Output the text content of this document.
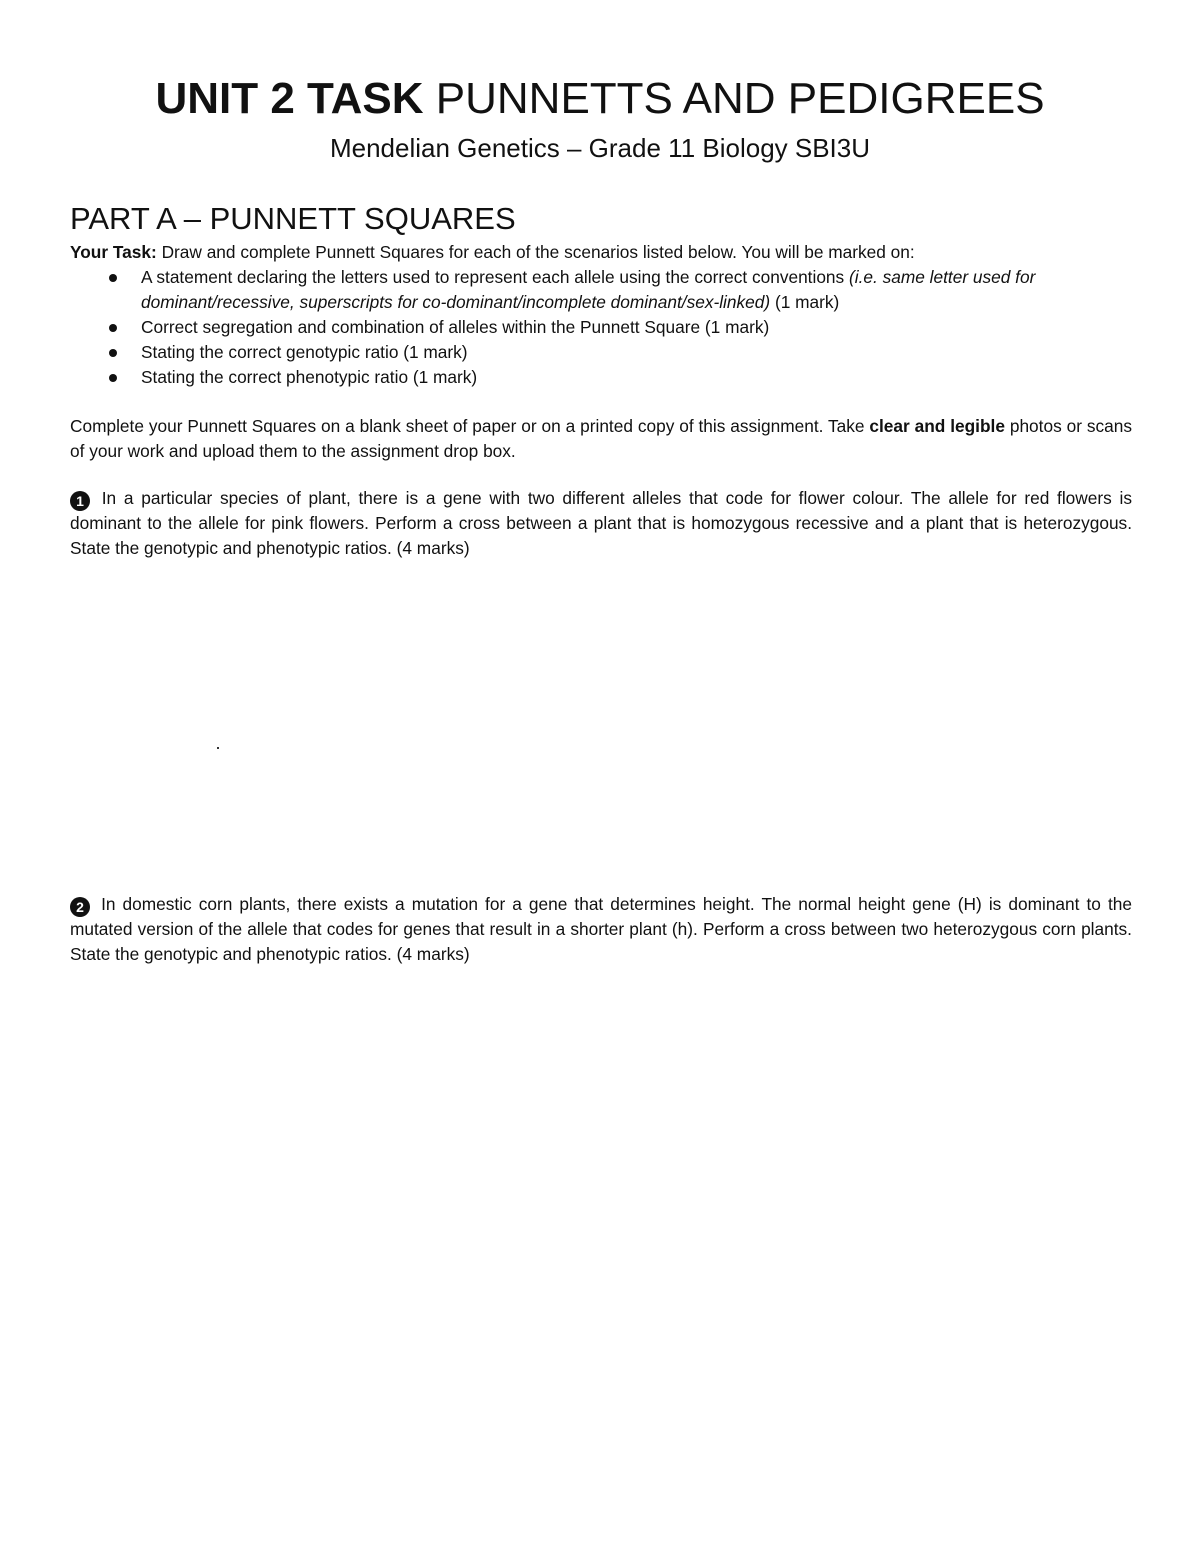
UNIT 2 TASK PUNNETTS AND PEDIGREES
Mendelian Genetics – Grade 11 Biology SBI3U
PART A – PUNNETT SQUARES
Your Task: Draw and complete Punnett Squares for each of the scenarios listed below. You will be marked on:
A statement declaring the letters used to represent each allele using the correct conventions (i.e. same letter used for dominant/recessive, superscripts for co-dominant/incomplete dominant/sex-linked) (1 mark)
Correct segregation and combination of alleles within the Punnett Square (1 mark)
Stating the correct genotypic ratio (1 mark)
Stating the correct phenotypic ratio (1 mark)
Complete your Punnett Squares on a blank sheet of paper or on a printed copy of this assignment. Take clear and legible photos or scans of your work and upload them to the assignment drop box.
1 In a particular species of plant, there is a gene with two different alleles that code for flower colour. The allele for red flowers is dominant to the allele for pink flowers. Perform a cross between a plant that is homozygous recessive and a plant that is heterozygous. State the genotypic and phenotypic ratios. (4 marks)
2 In domestic corn plants, there exists a mutation for a gene that determines height. The normal height gene (H) is dominant to the mutated version of the allele that codes for genes that result in a shorter plant (h). Perform a cross between two heterozygous corn plants. State the genotypic and phenotypic ratios. (4 marks)
